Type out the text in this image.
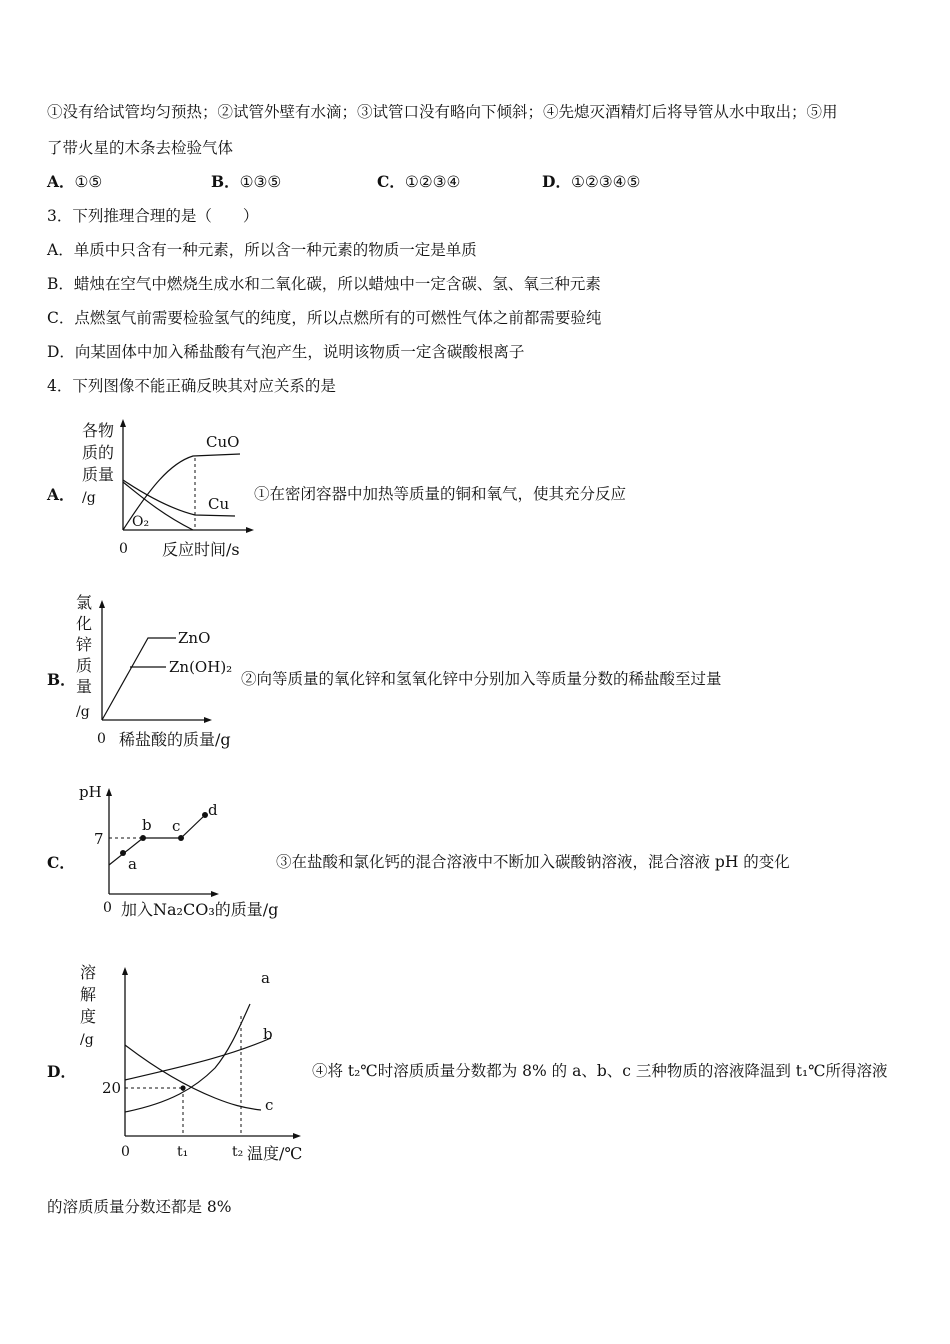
①没有给试管均匀预热；②试管外壁有水滴；③试管口没有略向下倾斜；④先熄灭酒精灯后将导管从水中取出；⑤用
了带火星的木条去检验气体
A．①⑤	B．①③⑤	C．①②③④	D．①②③④⑤
3．下列推理合理的是（　　）
A．单质中只含有一种元素，所以含一种元素的物质一定是单质
B．蜡烛在空气中燃烧生成水和二氧化碳，所以蜡烛中一定含碳、氢、氧三种元素
C．点燃氢气前需要检验氢气的纯度，所以点燃所有的可燃性气体之前都需要验纯
D．向某固体中加入稀盐酸有气泡产生，说明该物质一定含碳酸根离子
4．下列图像不能正确反映其对应关系的是
A．
各物
质的
质量
/g
CuO
Cu
O₂
0 反应时间/s
①在密闭容器中加热等质量的铜和氧气，使其充分反应
B．
氯
化
锌
质
量
/g
ZnO
Zn(OH)₂
0 稀盐酸的质量/g
②向等质量的氧化锌和氢氧化锌中分别加入等质量分数的稀盐酸至过量
C．
pH
7
a
b c
d
0 加入Na₂CO₃的质量/g
③在盐酸和氯化钙的混合溶液中不断加入碳酸钠溶液，混合溶液 pH 的变化
D．
溶
解
度
/g
20
a
b
c
0	t₁	t₂ 温度/℃
④将 t₂℃时溶质质量分数都为 8% 的 a、b、c 三种物质的溶液降温到 t₁℃所得溶液
的溶质质量分数还都是 8%
